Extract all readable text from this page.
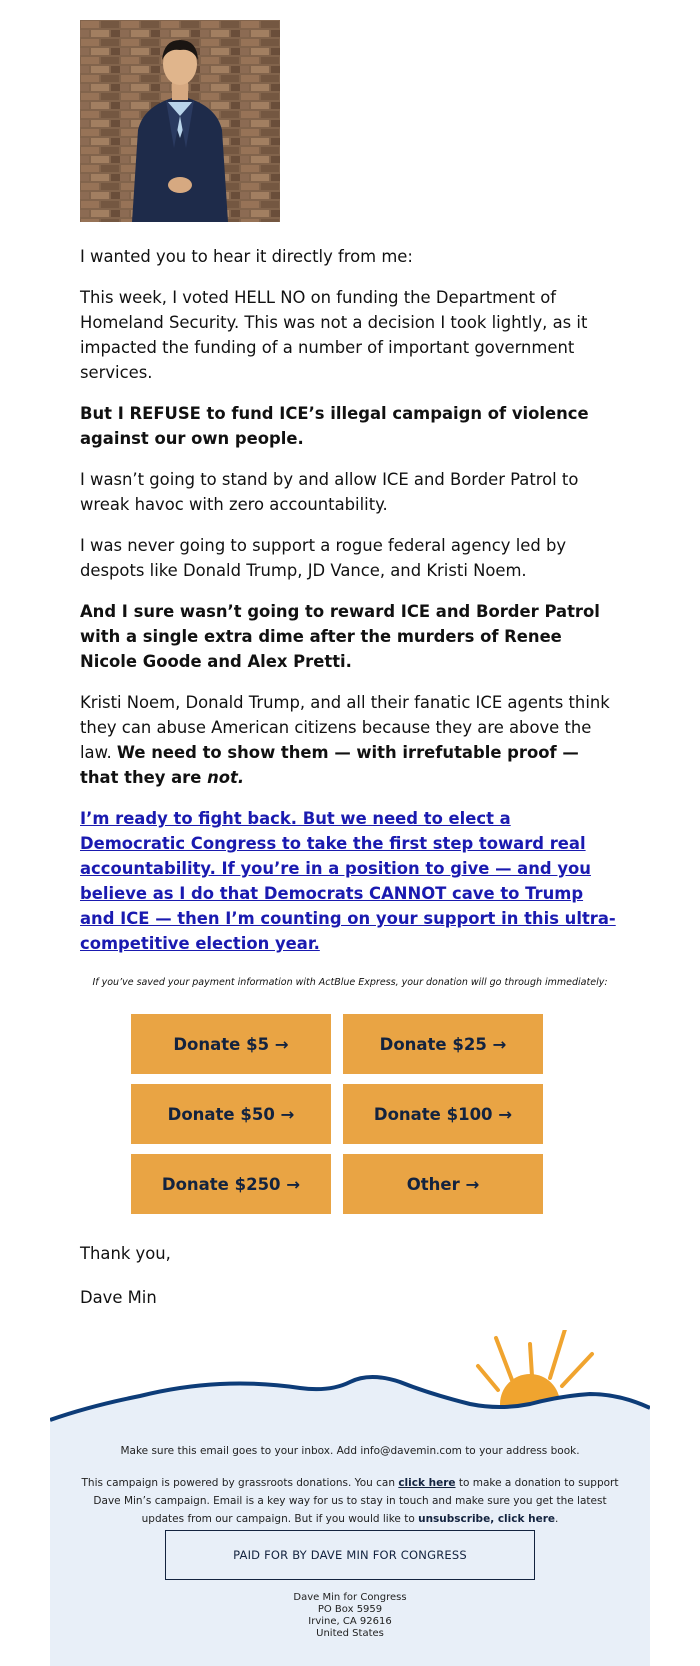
I wanted you to hear it directly from me:

This week, I voted HELL NO on funding the Department of Homeland Security. This was not a decision I took lightly, as it impacted the funding of a number of important government services.

But I REFUSE to fund ICE’s illegal campaign of violence against our own people.

I wasn’t going to stand by and allow ICE and Border Patrol to wreak havoc with zero accountability.

I was never going to support a rogue federal agency led by despots like Donald Trump, JD Vance, and Kristi Noem.

And I sure wasn’t going to reward ICE and Border Patrol with a single extra dime after the murders of Renee Nicole Goode and Alex Pretti.

Kristi Noem, Donald Trump, and all their fanatic ICE agents think they can abuse American citizens because they are above the law. We need to show them — with irrefutable proof — that they are not.

I’m ready to fight back. But we need to elect a Democratic Congress to take the first step toward real accountability. If you’re in a position to give — and you believe as I do that Democrats CANNOT cave to Trump and ICE — then I’m counting on your support in this ultra-competitive election year.

If you’ve saved your payment information with ActBlue Express, your donation will go through immediately:
Donate $5 →	Donate $25 →
Donate $50 →	Donate $100 →
Donate $250 →	Other →
Thank you,
Dave Min
Make sure this email goes to your inbox. Add info@davemin.com to your address book.
This campaign is powered by grassroots donations. You can click here to make a donation to support Dave Min’s campaign. Email is a key way for us to stay in touch and make sure you get the latest updates from our campaign. But if you would like to unsubscribe, click here.
PAID FOR BY DAVE MIN FOR CONGRESS
Dave Min for Congress
PO Box 5959
Irvine, CA 92616
United States
